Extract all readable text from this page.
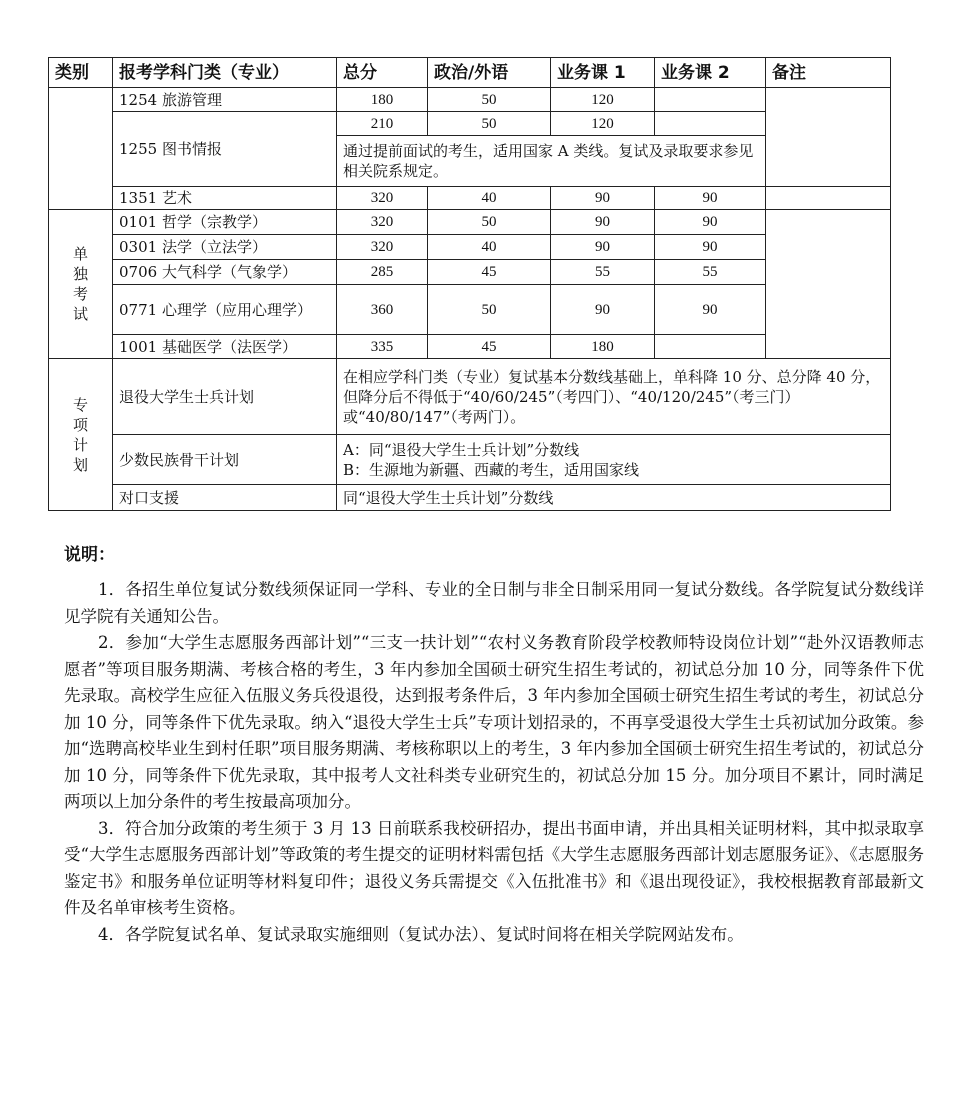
类别	报考学科门类（专业）	总分	政治/外语	业务课 1	业务课 2	备注
	1254 旅游管理	180	50	120		
	1255 图书情报	210	50	120		
		通过提前面试的考生，适用国家 A 类线。复试及录取要求参见相关院系规定。				
	1351 艺术	320	40	90	90	

单
独
考
试	0101 哲学（宗教学）	320	50	90	90	
	0301 法学（立法学）	320	40	90	90	
	0706 大气科学（气象学）	285	45	55	55	
	0771 心理学（应用心理学）	360	50	90	90	
	1001 基础医学（法医学）	335	45	180		

专
项
计
划	退役大学生士兵计划	在相应学科门类（专业）复试基本分数线基础上，单科降 10 分、总分降 40 分，但降分后不得低于“40/60/245”（考四门）、“40/120/245”（考三门）或“40/80/147”（考两门）。				
	少数民族骨干计划	A：同“退役大学生士兵计划”分数线
B：生源地为新疆、西藏的考生，适用国家线				

	对口支援	同“退役大学生士兵计划”分数线				
说明：

1．各招生单位复试分数线须保证同一学科、专业的全日制与非全日制采用同一复试分数线。各学院复试分数线详见学院有关通知公告。

2．参加“大学生志愿服务西部计划”“三支一扶计划”“农村义务教育阶段学校教师特设岗位计划”“赴外汉语教师志愿者”等项目服务期满、考核合格的考生，3 年内参加全国硕士研究生招生考试的，初试总分加 10 分，同等条件下优先录取。高校学生应征入伍服义务兵役退役，达到报考条件后，3 年内参加全国硕士研究生招生考试的考生，初试总分加 10 分，同等条件下优先录取。纳入“退役大学生士兵”专项计划招录的，不再享受退役大学生士兵初试加分政策。参加“选聘高校毕业生到村任职”项目服务期满、考核称职以上的考生，3 年内参加全国硕士研究生招生考试的，初试总分加 10 分，同等条件下优先录取，其中报考人文社科类专业研究生的，初试总分加 15 分。加分项目不累计，同时满足两项以上加分条件的考生按最高项加分。

3．符合加分政策的考生须于 3 月 13 日前联系我校研招办，提出书面申请，并出具相关证明材料，其中拟录取享受“大学生志愿服务西部计划”等政策的考生提交的证明材料需包括《大学生志愿服务西部计划志愿服务证》、《志愿服务鉴定书》和服务单位证明等材料复印件；退役义务兵需提交《入伍批准书》和《退出现役证》，我校根据教育部最新文件及名单审核考生资格。

4．各学院复试名单、复试录取实施细则（复试办法）、复试时间将在相关学院网站发布。
